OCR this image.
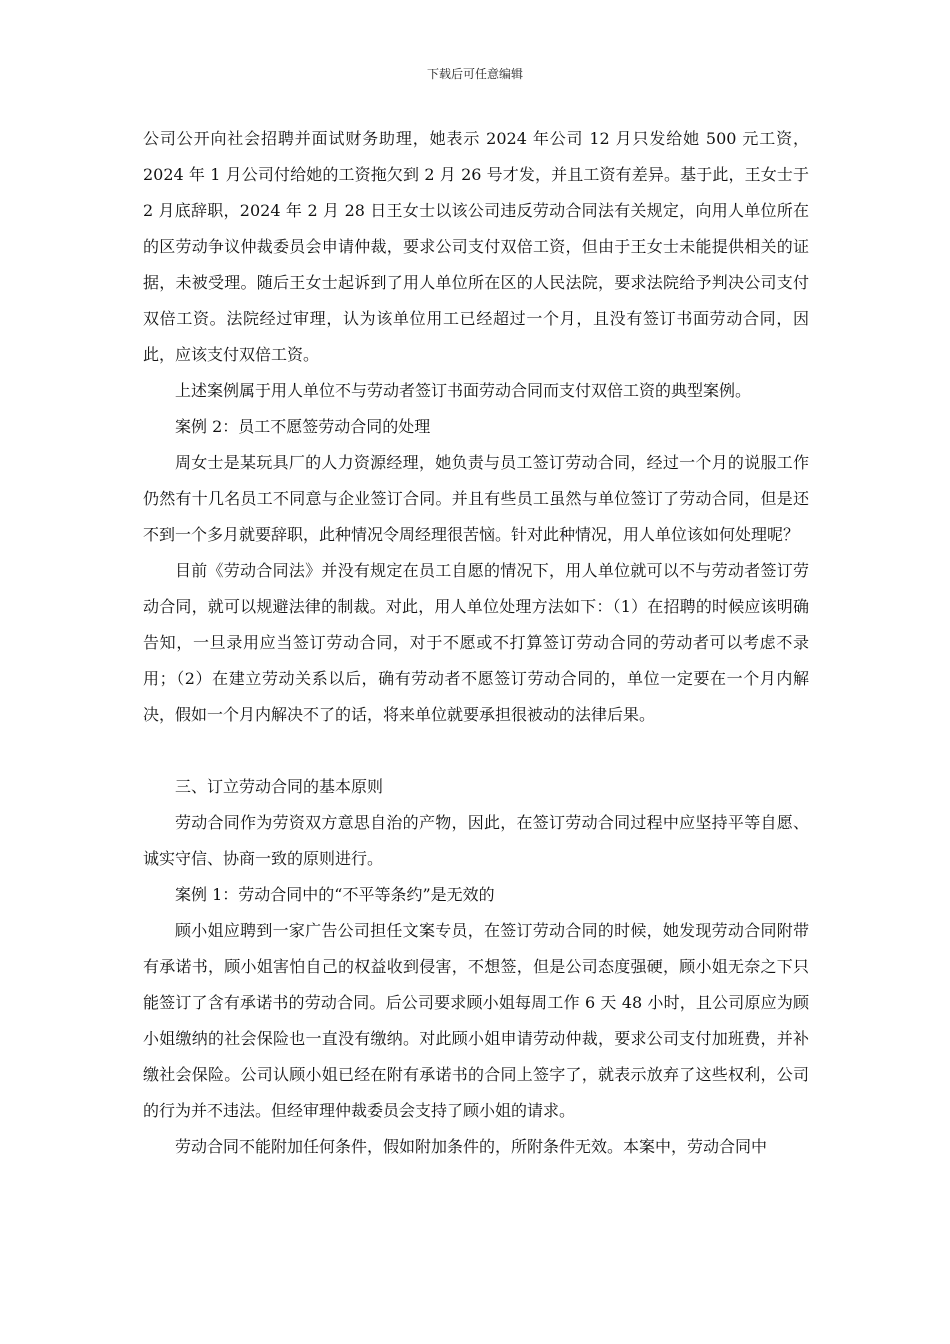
下载后可任意编辑

公司公开向社会招聘并面试财务助理，她表示 2024 年公司 12 月只发给她 500 元工资，2024 年 1 月公司付给她的工资拖欠到 2 月 26 号才发，并且工资有差异。基于此，王女士于 2 月底辞职，2024 年 2 月 28 日王女士以该公司违反劳动合同法有关规定，向用人单位所在的区劳动争议仲裁委员会申请仲裁，要求公司支付双倍工资，但由于王女士未能提供相关的证据，未被受理。随后王女士起诉到了用人单位所在区的人民法院，要求法院给予判决公司支付双倍工资。法院经过审理，认为该单位用工已经超过一个月，且没有签订书面劳动合同，因此，应该支付双倍工资。

上述案例属于用人单位不与劳动者签订书面劳动合同而支付双倍工资的典型案例。

案例 2：员工不愿签劳动合同的处理

周女士是某玩具厂的人力资源经理，她负责与员工签订劳动合同，经过一个月的说服工作仍然有十几名员工不同意与企业签订合同。并且有些员工虽然与单位签订了劳动合同，但是还不到一个多月就要辞职，此种情况令周经理很苦恼。针对此种情况，用人单位该如何处理呢？

目前《劳动合同法》并没有规定在员工自愿的情况下，用人单位就可以不与劳动者签订劳动合同，就可以规避法律的制裁。对此，用人单位处理方法如下：（1）在招聘的时候应该明确告知，一旦录用应当签订劳动合同，对于不愿或不打算签订劳动合同的劳动者可以考虑不录用；（2）在建立劳动关系以后，确有劳动者不愿签订劳动合同的，单位一定要在一个月内解决，假如一个月内解决不了的话，将来单位就要承担很被动的法律后果。

三、订立劳动合同的基本原则

劳动合同作为劳资双方意思自治的产物，因此，在签订劳动合同过程中应坚持平等自愿、诚实守信、协商一致的原则进行。

案例 1：劳动合同中的“不平等条约”是无效的

顾小姐应聘到一家广告公司担任文案专员，在签订劳动合同的时候，她发现劳动合同附带有承诺书，顾小姐害怕自己的权益收到侵害，不想签，但是公司态度强硬，顾小姐无奈之下只能签订了含有承诺书的劳动合同。后公司要求顾小姐每周工作 6 天 48 小时，且公司原应为顾小姐缴纳的社会保险也一直没有缴纳。对此顾小姐申请劳动仲裁，要求公司支付加班费，并补缴社会保险。公司认顾小姐已经在附有承诺书的合同上签字了，就表示放弃了这些权利，公司的行为并不违法。但经审理仲裁委员会支持了顾小姐的请求。

劳动合同不能附加任何条件，假如附加条件的，所附条件无效。本案中，劳动合同中
